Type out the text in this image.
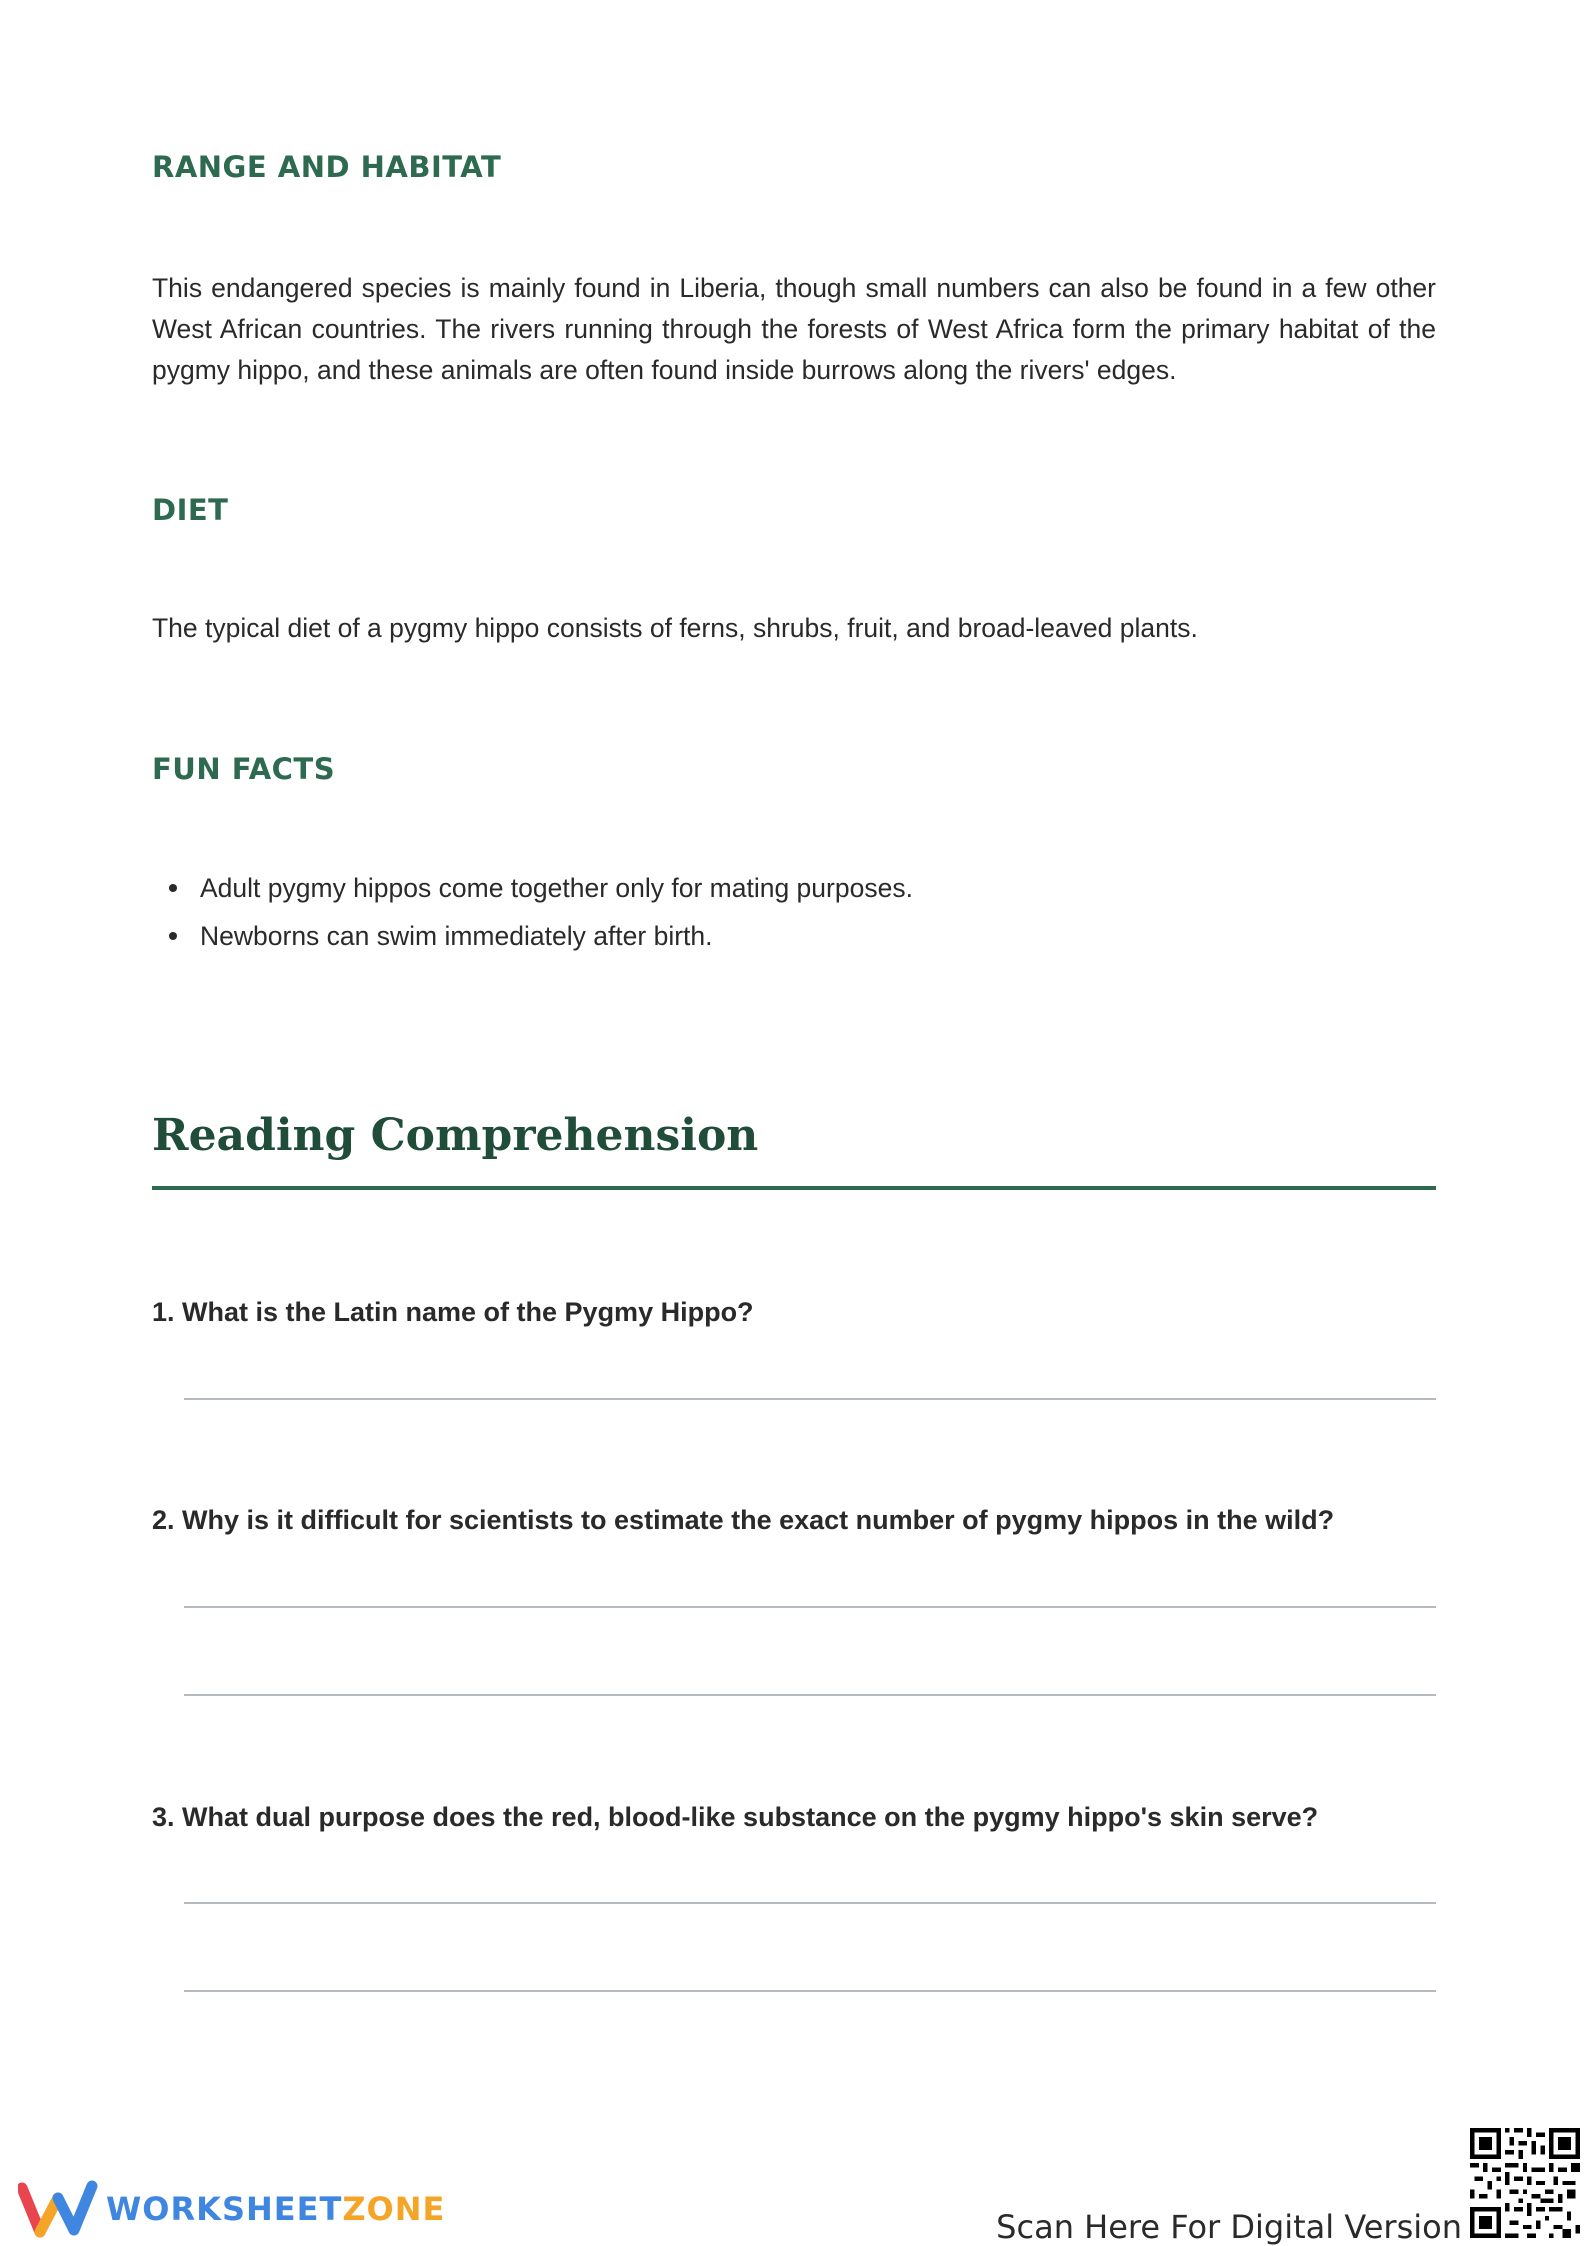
RANGE AND HABITAT

This endangered species is mainly found in Liberia, though small numbers can also be found in a few other West African countries. The rivers running through the forests of West Africa form the primary habitat of the pygmy hippo, and these animals are often found inside burrows along the rivers' edges.

DIET

The typical diet of a pygmy hippo consists of ferns, shrubs, fruit, and broad-leaved plants.

FUN FACTS
Adult pygmy hippos come together only for mating purposes.
Newborns can swim immediately after birth.
Reading Comprehension

1. What is the Latin name of the Pygmy Hippo?

2. Why is it difficult for scientists to estimate the exact number of pygmy hippos in the wild?

3. What dual purpose does the red, blood-like substance on the pygmy hippo's skin serve?

WORKSHEETZONE	Scan Here For Digital Version
